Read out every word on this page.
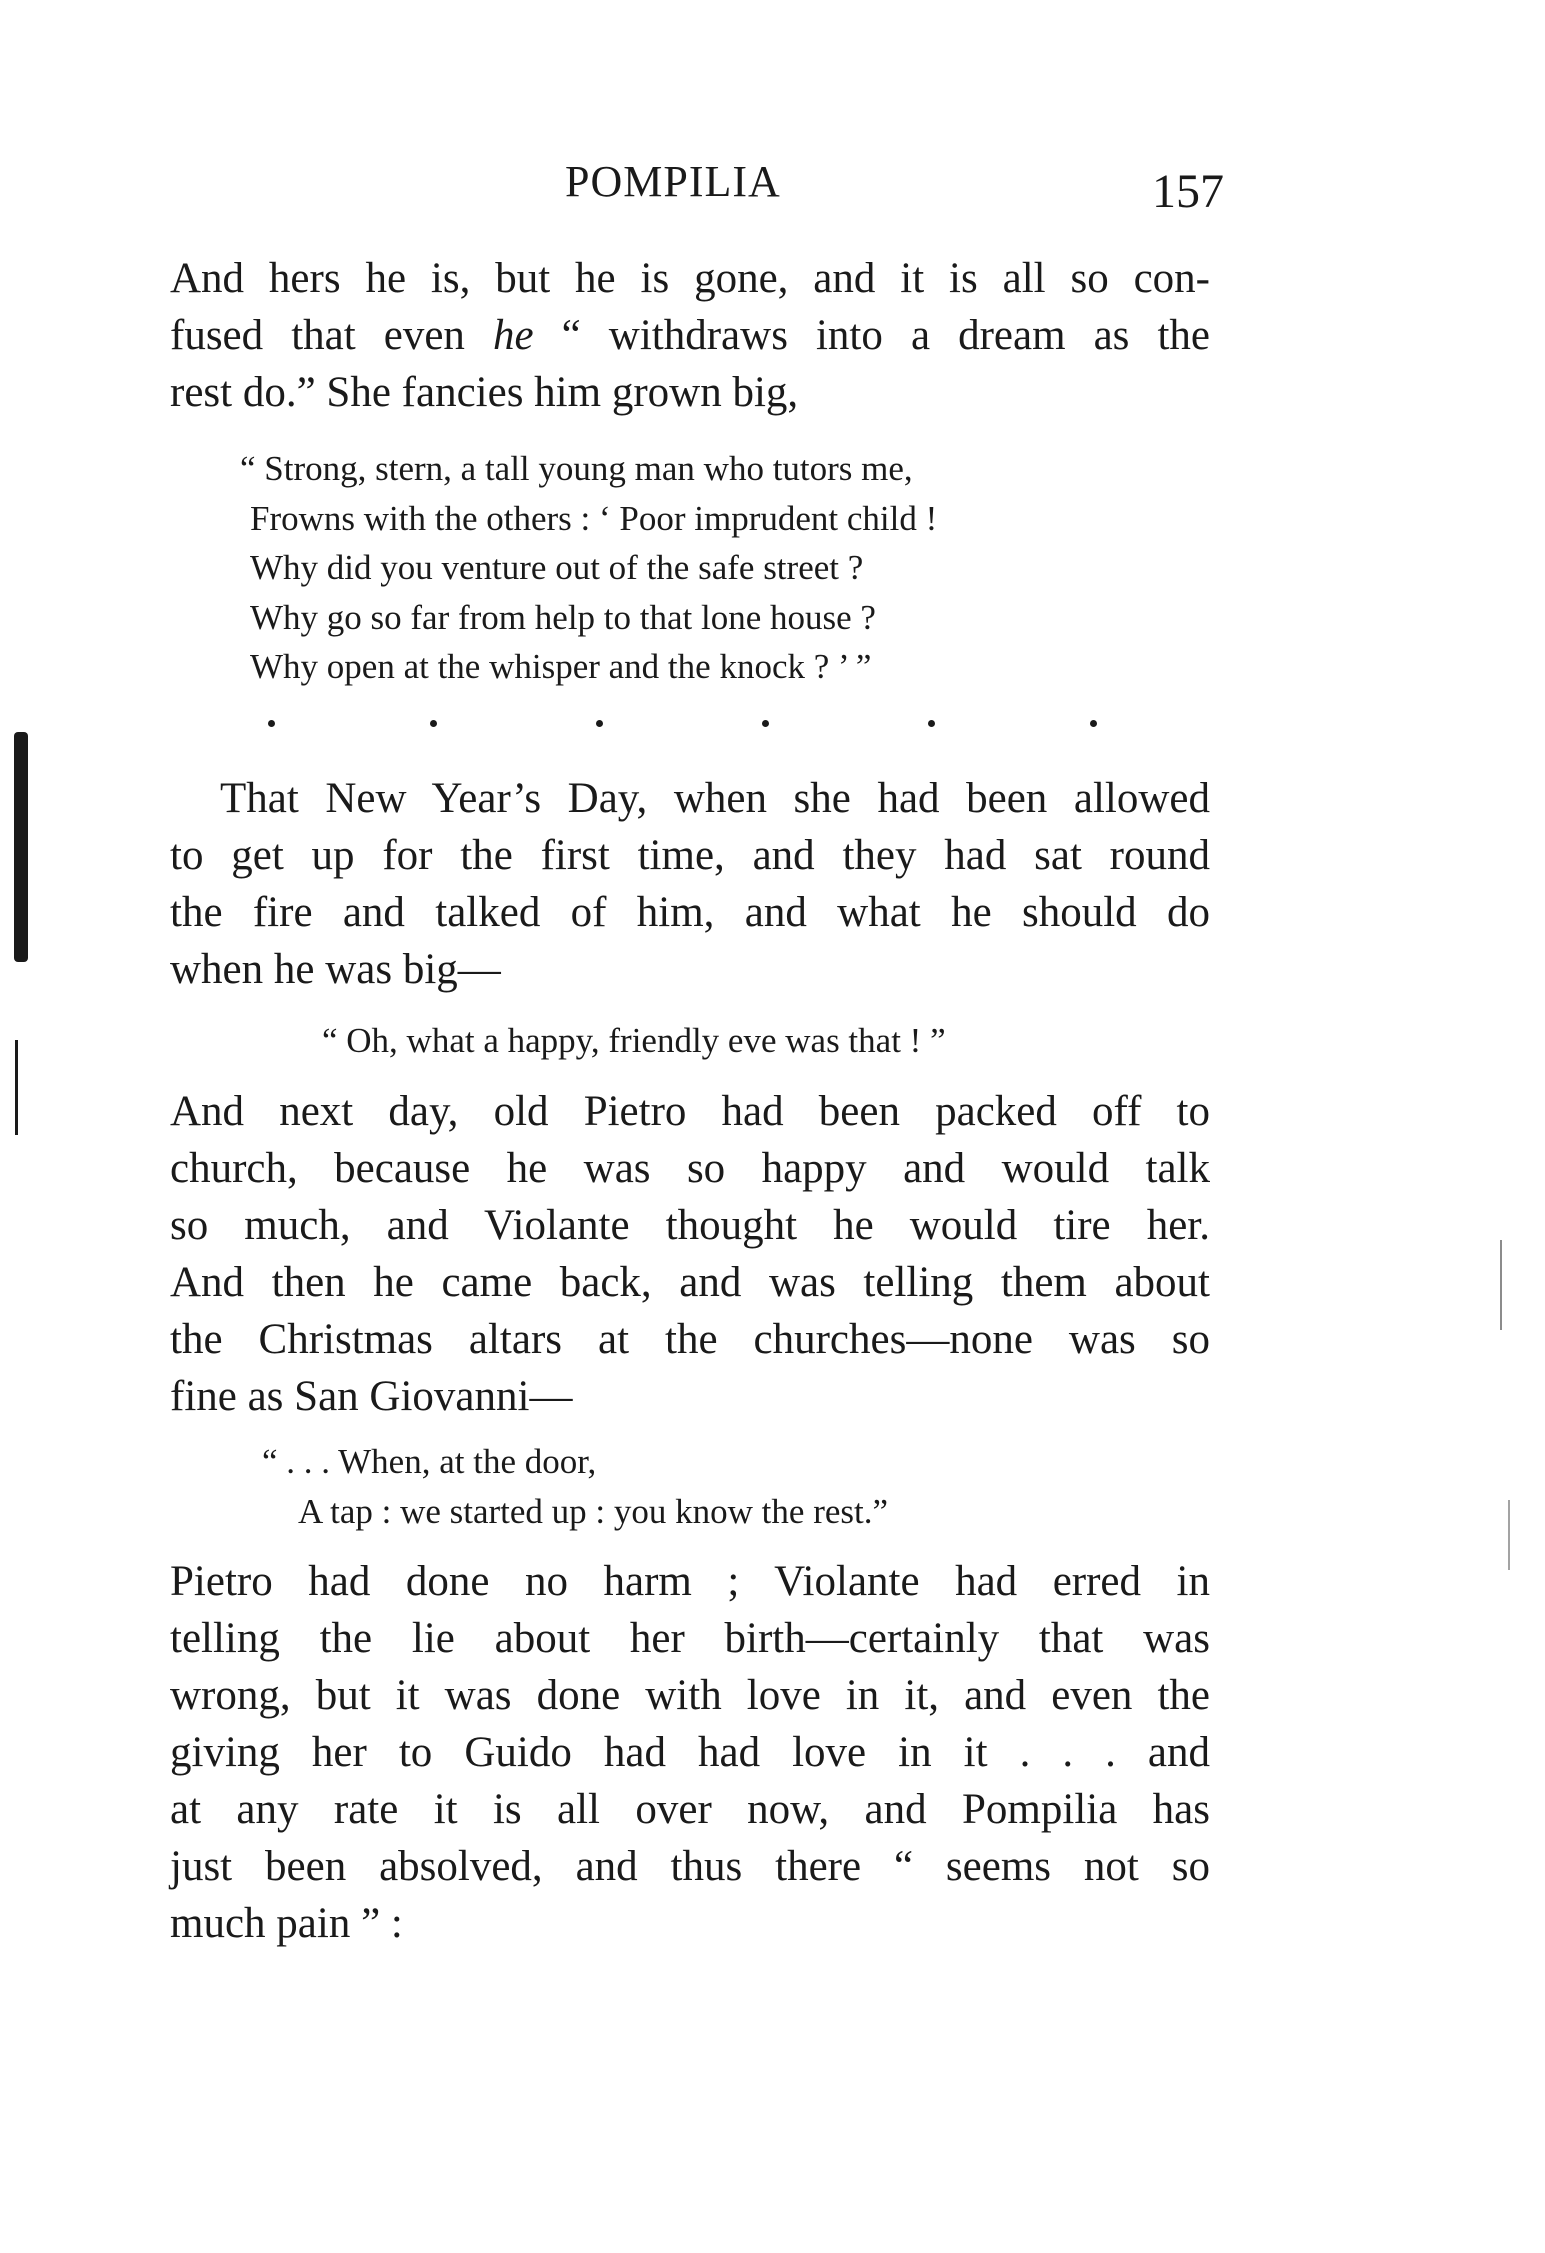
POMPILIA	157
And hers he is, but he is gone, and it is all so con-
fused that even he “ withdraws into a dream as the
rest do.” She fancies him grown big,
“ Strong, stern, a tall young man who tutors me,
Frowns with the others : ‘ Poor imprudent child !
Why did you venture out of the safe street ?
Why go so far from help to that lone house ?
Why open at the whisper and the knock ? ’ ”
That New Year’s Day, when she had been allowed
to get up for the first time, and they had sat round
the fire and talked of him, and what he should do
when he was big—
“ Oh, what a happy, friendly eve was that ! ”
And next day, old Pietro had been packed off to
church, because he was so happy and would talk
so much, and Violante thought he would tire her.
And then he came back, and was telling them about
the Christmas altars at the churches—none was so
fine as San Giovanni—
“ . . . When, at the door,
A tap : we started up : you know the rest.”
Pietro had done no harm ; Violante had erred in
telling the lie about her birth—certainly that was
wrong, but it was done with love in it, and even the
giving her to Guido had had love in it . . . and
at any rate it is all over now, and Pompilia has
just been absolved, and thus there “ seems not so
much pain ” :
